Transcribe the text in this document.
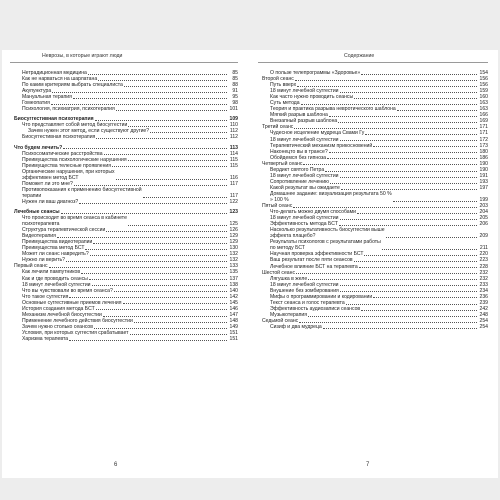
Неврозы, в которые играют люди
Нетрадиционная медицина	85
Как не нарваться на шарлатана	85
По каким критериям выбрать специалиста	88
Акупунктура	91
Мануальная терапия	95
Гомеопатия	98
Психология, психиатрия, психотерапия	101
Биосуггестивная психотерапия	109
Что представляет собой метод биосуггестии	110
Зачем нужен этот метод, если существуют другие?	112
Биосуггестивная психотерапия	112
Что будем лечить?	113
Психосоматические расстройства	114
Преимущества психологические нарушения	115
Преимущества телесные проявления	115
Органические нарушения, при которых
эффективен метод БСТ	116
Поможет ли это мне?	117
Противопоказания к применению биосуггестивной
терапии	117
Нужен ли ваш диагноз?	122
Лечебные сеансы	123
Что происходит во время сеанса в кабинете
психотерапевта	125
Структура терапевтической сессии	126
Видеотерапия	129
Преимущества видеотерапии	129
Преимущества метод БСТ	130
Может ли сеанс навредить?	132
Нужно ли верить?	132
Первый сеанс	133
Как лечили пампутников	135
Как и где проводить сеансы	137
18 минут лечебной суггестии	138
Что вы чувствовали во время сеанса?	140
Что такое суггестия	142
Основные суггестивные приемов лечения	145
История создания метода БСТ	146
Механизм лечебной биосуггестии	147
Применение лечебного действия биосуггестии	148
Зачем нужно столько сеансов	149
Условия, при которых суггестия срабатывает	151
Харизма терапевта	151
6
Содержание
О пользе телепрограммы «Здоровье»	154
Второй сеанс	156
Путь вверх	156
18 минут лечебной суггестии	159
Как часто нужно проводить сеансы	160
Суть метода	163
Теория и практика разрыва невротического шаблона	163
Мягкий разрыв шаблона	166
Внезапный разрыв шаблона	169
Третий сеанс	171
Чудесное исцеление мудреца Свами Гу	171
18 минут лечебной суггестии	172
Терапевтический механизм прикосновений	173
Наконецто вы в трансе?	180
Обойдемся без гипноза	186
Четвертый сеанс	190
Вердикт святого Петра	190
18 минут лечебной суггестии	191
Сопротивление лечению	193
Какой результат вы ожидаете	197
Домашнее задание: визуализация результата 50 %
» 100 %	199
Пятый сеанс	203
Что-делать можно двумя способами	204
18 минут лечебной суггестии	205
Эффективность метода БСТ	206
Насколько результативность биосуггестии выше
эффекта плацебо?	209
Результаты психологов с результатами работы
по методу БСТ	211
Научная проверка эффективности БСТ	220
Ваш результат после пяти сеансов	223
Лечебное влияние БСТ на терапевта	228
Шестой сеанс	232
Лягушка в желе	232
18 минут лечебной суггестии	233
Внушение без зомбирования	234
Мифы о программировании и кодировании	236
Текст сеанса и голос терапевта	239
Эффективность аудиозаписи сеансов	242
Музыкотерапия	248
Седьмой сеанс	254
Сизиф и два мудреца	254
7
